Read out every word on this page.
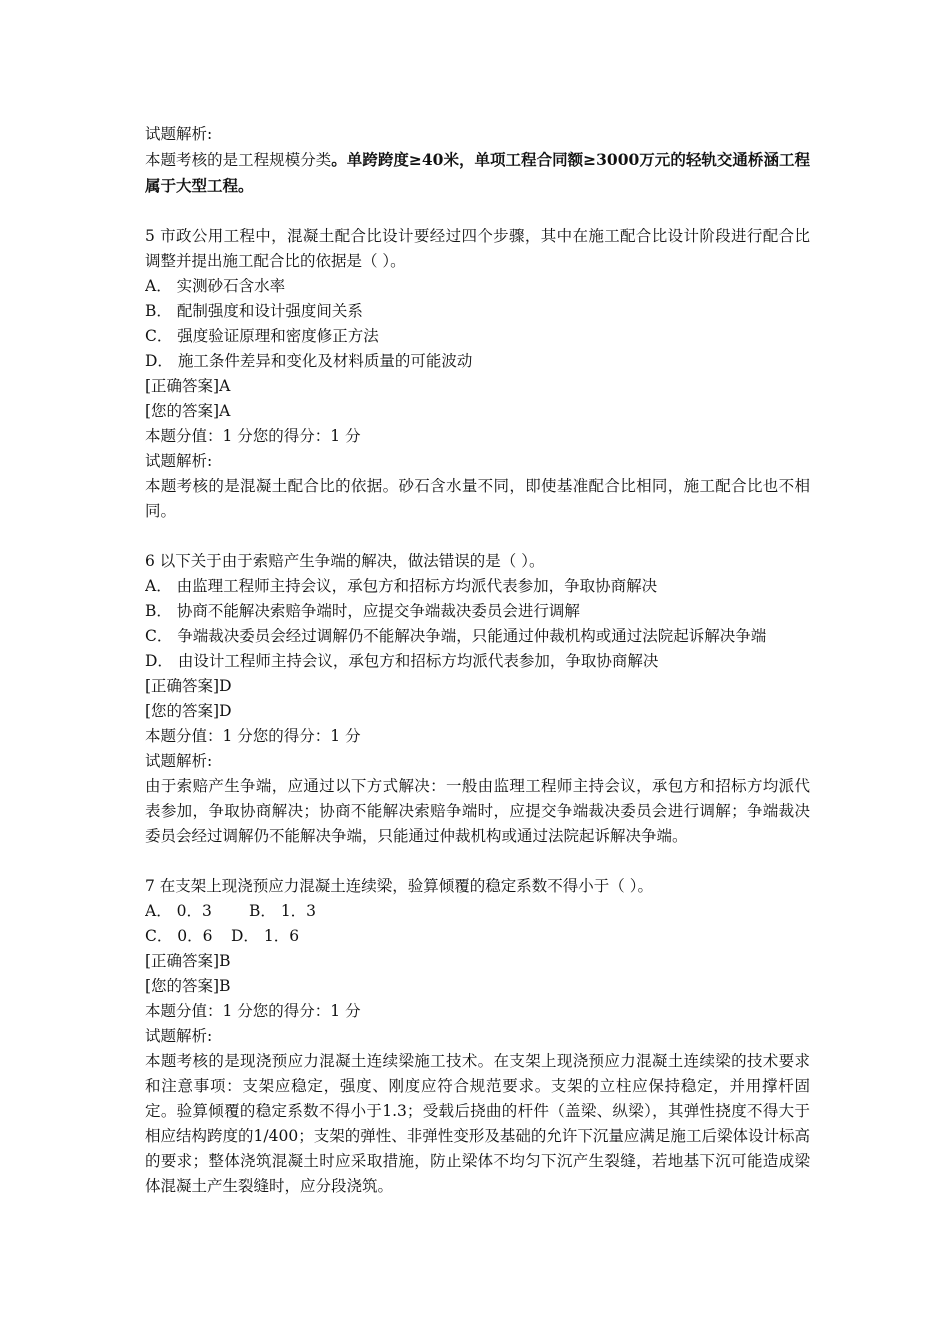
试题解析:
本题考核的是工程规模分类。单跨跨度≥40米，单项工程合同额≥3000万元的轻轨交通桥涵工程属于大型工程。
5 市政公用工程中，混凝土配合比设计要经过四个步骤，其中在施工配合比设计阶段进行配合比调整并提出施工配合比的依据是（ ）。
A． 实测砂石含水率
B． 配制强度和设计强度间关系
C． 强度验证原理和密度修正方法
D． 施工条件差异和变化及材料质量的可能波动
[正确答案]A
[您的答案]A
本题分值：1 分您的得分：1 分
试题解析:
本题考核的是混凝土配合比的依据。砂石含水量不同，即使基准配合比相同，施工配合比也不相同。
6 以下关于由于索赔产生争端的解决，做法错误的是（ ）。
A． 由监理工程师主持会议，承包方和招标方均派代表参加，争取协商解决
B． 协商不能解决索赔争端时，应提交争端裁决委员会进行调解
C． 争端裁决委员会经过调解仍不能解决争端，只能通过仲裁机构或通过法院起诉解决争端
D． 由设计工程师主持会议，承包方和招标方均派代表参加，争取协商解决
[正确答案]D
[您的答案]D
本题分值：1 分您的得分：1 分
试题解析:
由于索赔产生争端，应通过以下方式解决：一般由监理工程师主持会议，承包方和招标方均派代表参加，争取协商解决；协商不能解决索赔争端时，应提交争端裁决委员会进行调解；争端裁决委员会经过调解仍不能解决争端，只能通过仲裁机构或通过法院起诉解决争端。
7 在支架上现浇预应力混凝土连续梁，验算倾覆的稳定系数不得小于（ ）。
A． 0．3 B． 1．3
C． 0．6 D． 1．6
[正确答案]B
[您的答案]B
本题分值：1 分您的得分：1 分
试题解析:
本题考核的是现浇预应力混凝土连续梁施工技术。在支架上现浇预应力混凝土连续梁的技术要求和注意事项：支架应稳定，强度、刚度应符合规范要求。支架的立柱应保持稳定，并用撑杆固定。验算倾覆的稳定系数不得小于1.3；受载后挠曲的杆件（盖梁、纵梁），其弹性挠度不得大于相应结构跨度的1/400；支架的弹性、非弹性变形及基础的允许下沉量应满足施工后梁体设计标高的要求；整体浇筑混凝土时应采取措施，防止梁体不均匀下沉产生裂缝，若地基下沉可能造成梁体混凝土产生裂缝时，应分段浇筑。
